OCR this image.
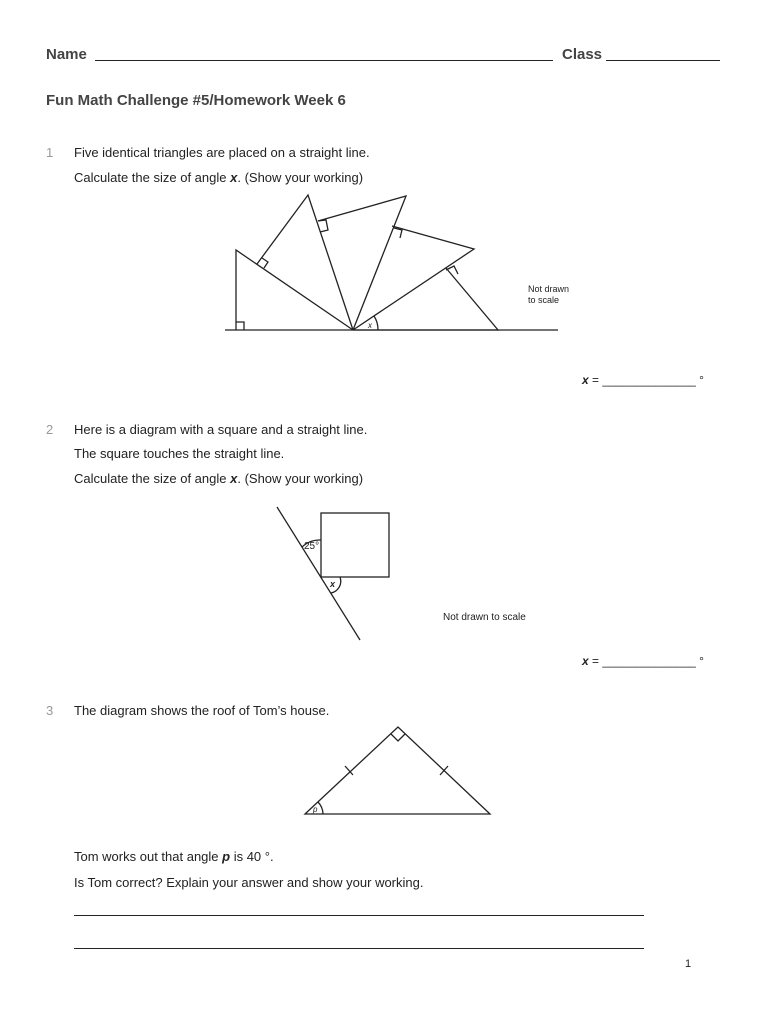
Name	Class
Fun Math Challenge #5/Homework Week 6
1 Five identical triangles are placed on a straight line.
Calculate the size of angle x. (Show your working)
x
Not drawn
to scale
x = ______________ °
2 Here is a diagram with a square and a straight line.
The square touches the straight line.
Calculate the size of angle x. (Show your working)
25°
x
Not drawn to scale
x = ______________ °
3 The diagram shows the roof of Tom’s house.
p
Tom works out that angle p is 40 °.
Is Tom correct? Explain your answer and show your working.
1
